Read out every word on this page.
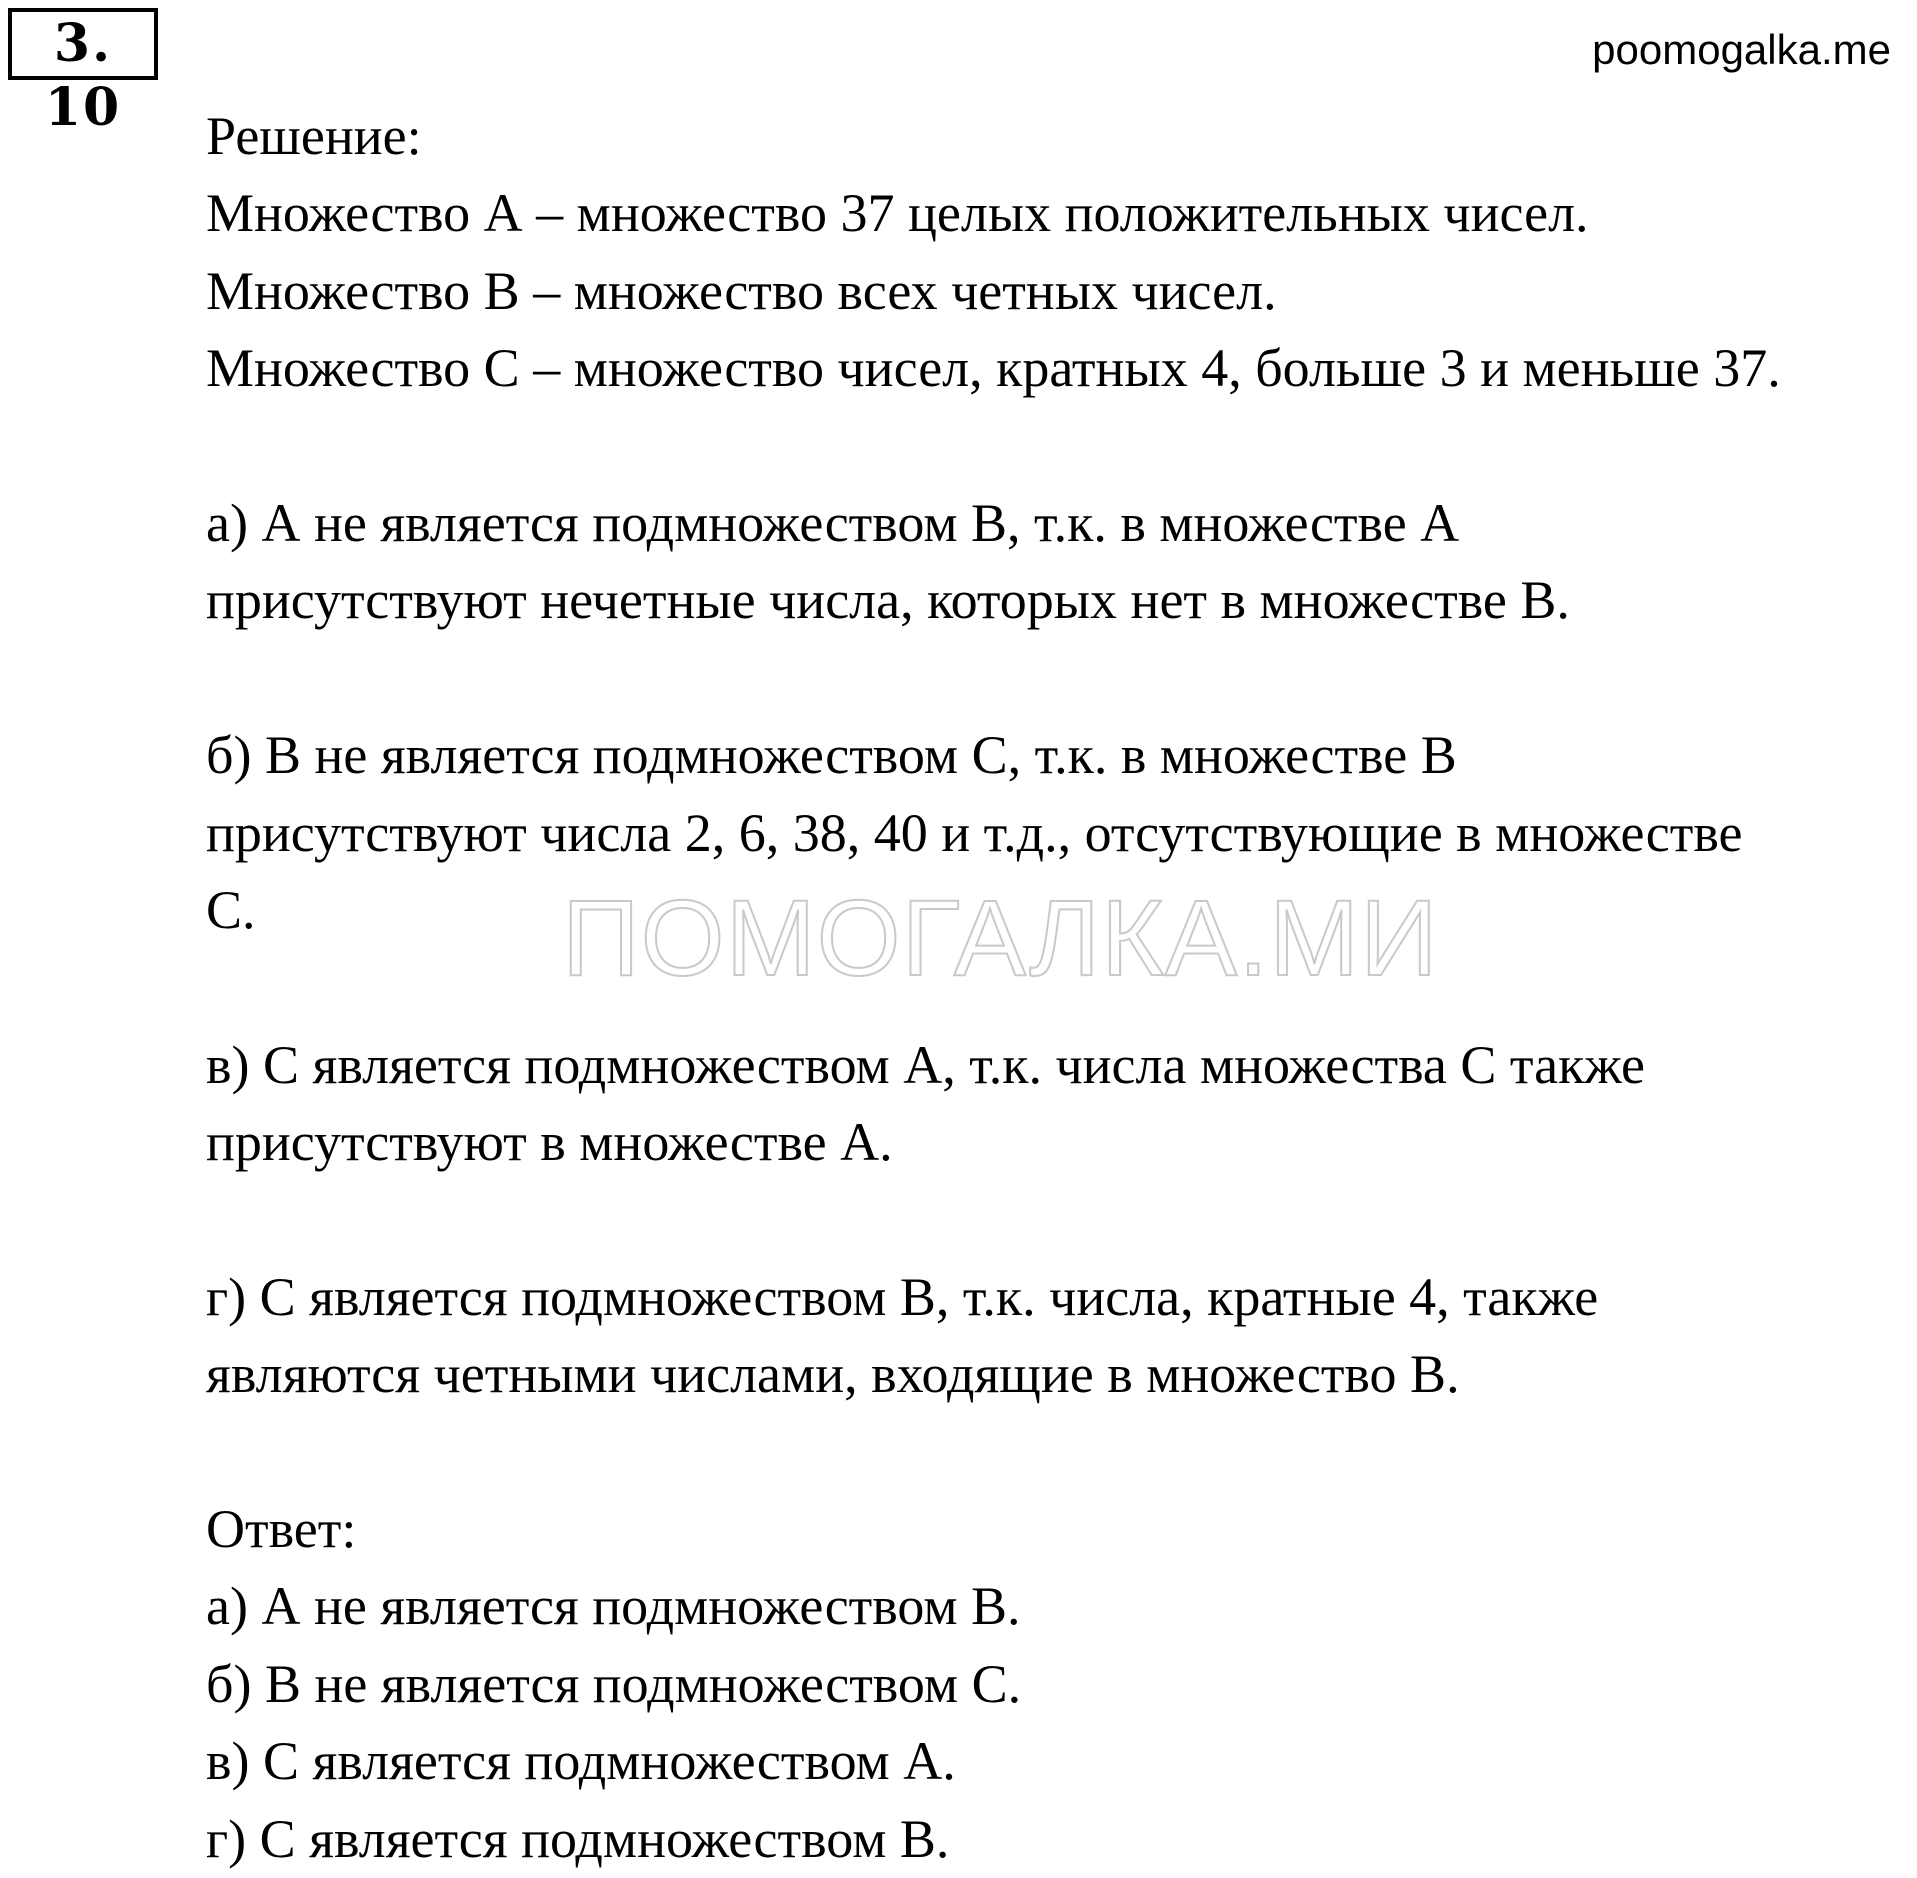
3. 10
poomogalka.me
Решение:
Множество А – множество 37 целых положительных чисел.
Множество В – множество всех четных чисел.
Множество С – множество чисел, кратных 4, больше 3 и меньше 37.
а) А не является подмножеством В, т.к. в множестве А
присутствуют нечетные числа, которых нет в множестве В.
б) В не является подмножеством С, т.к. в множестве В
присутствуют числа 2, 6, 38, 40 и т.д., отсутствующие в множестве
С.
в) С является подмножеством А, т.к. числа множества С также
присутствуют в множестве А.
г) С является подмножеством В, т.к. числа, кратные 4, также
являются четными числами, входящие в множество В.
Ответ:
а) А не является подмножеством В.
б) В не является подмножеством С.
в) С является подмножеством А.
г) С является подмножеством В.
ПОМОГАЛКА.МИ
